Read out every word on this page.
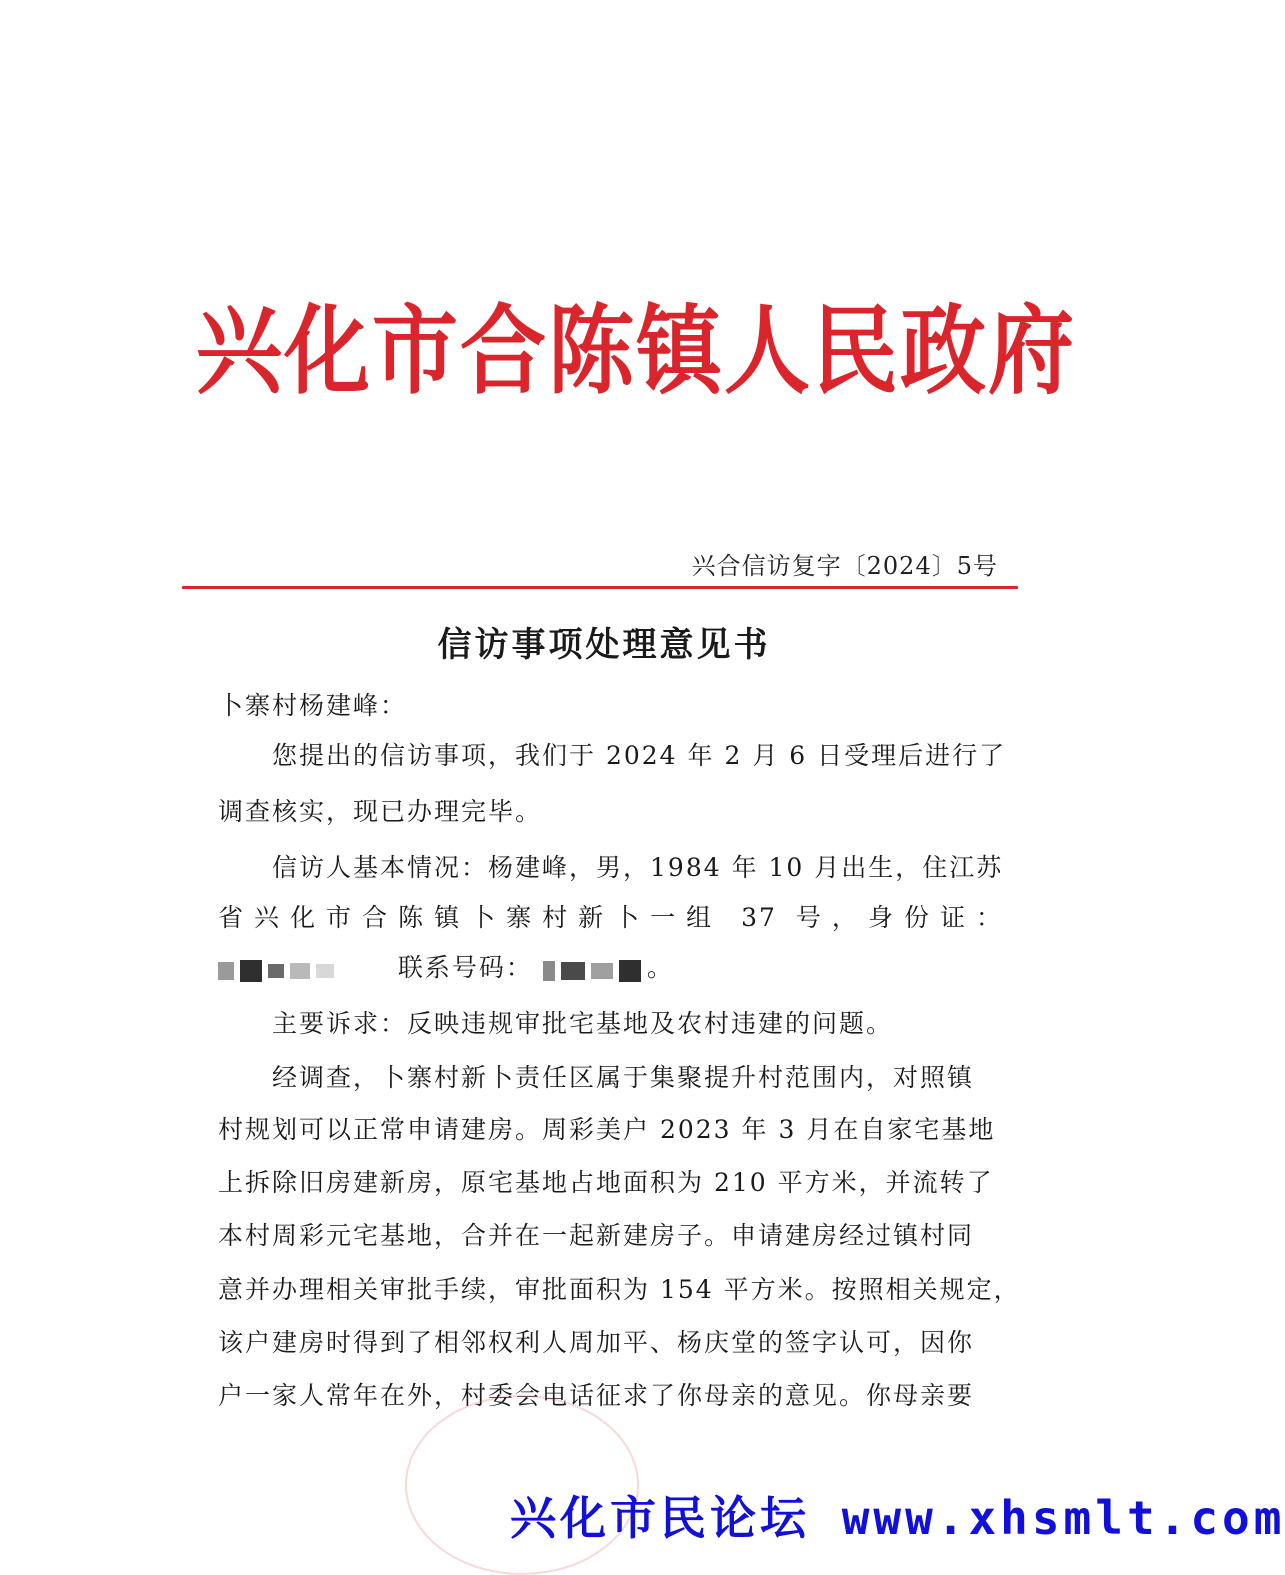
兴化市合陈镇人民政府
兴合信访复字〔2024〕5号
信访事项处理意见书
卜寨村杨建峰：
您提出的信访事项，我们于 2024 年 2 月 6 日受理后进行了
调查核实，现已办理完毕。
信访人基本情况：杨建峰，男，1984 年 10 月出生，住江苏
省兴化市合陈镇卜寨村新卜一组 37 号，身份证：
联系号码：	。
主要诉求：反映违规审批宅基地及农村违建的问题。
经调查，卜寨村新卜责任区属于集聚提升村范围内，对照镇
村规划可以正常申请建房。周彩美户 2023 年 3 月在自家宅基地
上拆除旧房建新房，原宅基地占地面积为 210 平方米，并流转了
本村周彩元宅基地，合并在一起新建房子。申请建房经过镇村同
意并办理相关审批手续，审批面积为 154 平方米。按照相关规定，
该户建房时得到了相邻权利人周加平、杨庆堂的签字认可，因你
户一家人常年在外，村委会电话征求了你母亲的意见。你母亲要
兴化市民论坛 www.xhsmlt.com
